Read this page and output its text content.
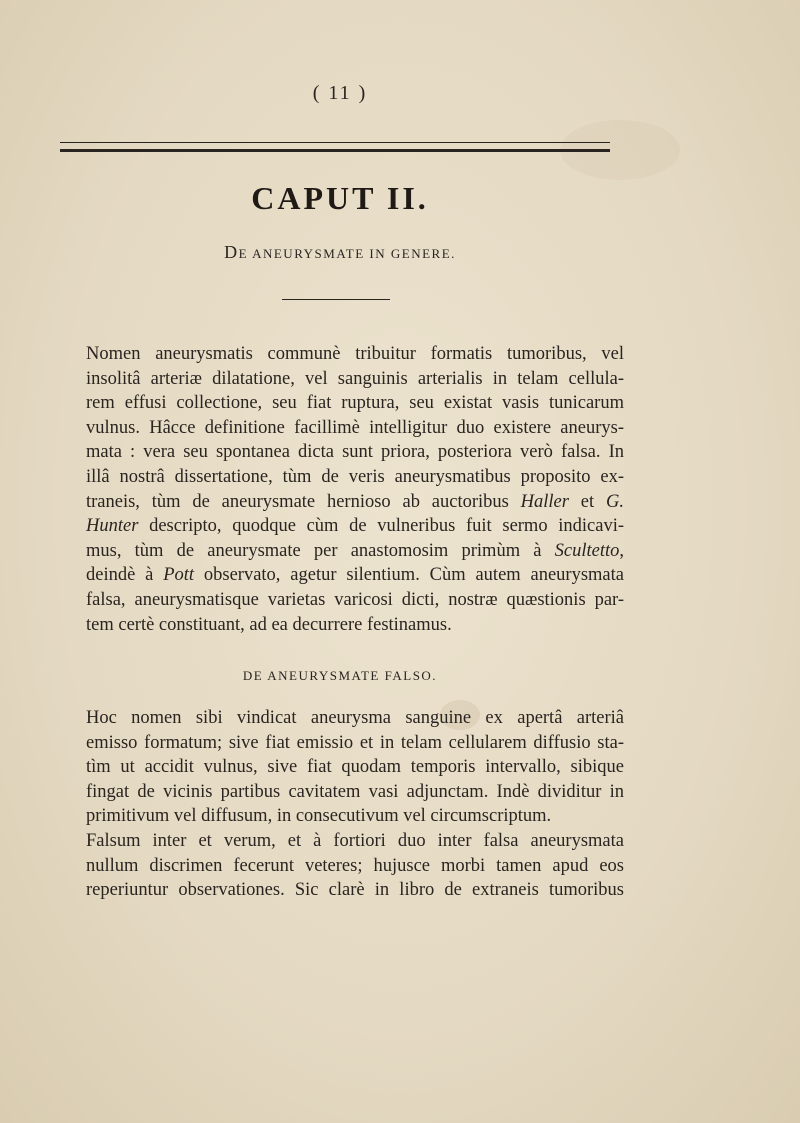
( 11 )
CAPUT II.
DE ANEURYSMATE IN GENERE.
Nomen aneurysmatis communè tribuitur formatis tumoribus, vel
insolitâ arteriæ dilatatione, vel sanguinis arterialis in telam cellula-
rem effusi collectione, seu fiat ruptura, seu existat vasis tunicarum
vulnus. Hâcce definitione facillimè intelligitur duo existere aneurys-
mata : vera seu spontanea dicta sunt priora, posteriora verò falsa. In
illâ nostrâ dissertatione, tùm de veris aneurysmatibus proposito ex-
traneis, tùm de aneurysmate hernioso ab auctoribus Haller et G.
Hunter descripto, quodque cùm de vulneribus fuit sermo indicavi-
mus, tùm de aneurysmate per anastomosim primùm à Scultetto,
deindè à Pott observato, agetur silentium. Cùm autem aneurysmata
falsa, aneurysmatisque varietas varicosi dicti, nostræ quæstionis par-
tem certè constituant, ad ea decurrere festinamus.
DE ANEURYSMATE FALSO.
Hoc nomen sibi vindicat aneurysma sanguine ex apertâ arteriâ
emisso formatum; sive fiat emissio et in telam cellularem diffusio sta-
tìm ut accidit vulnus, sive fiat quodam temporis intervallo, sibique
fingat de vicinis partibus cavitatem vasi adjunctam. Indè dividitur in
primitivum vel diffusum, in consecutivum vel circumscriptum.
Falsum inter et verum, et à fortiori duo inter falsa aneurysmata
nullum discrimen fecerunt veteres; hujusce morbi tamen apud eos
reperiuntur observationes. Sic clarè in libro de extraneis tumoribus
